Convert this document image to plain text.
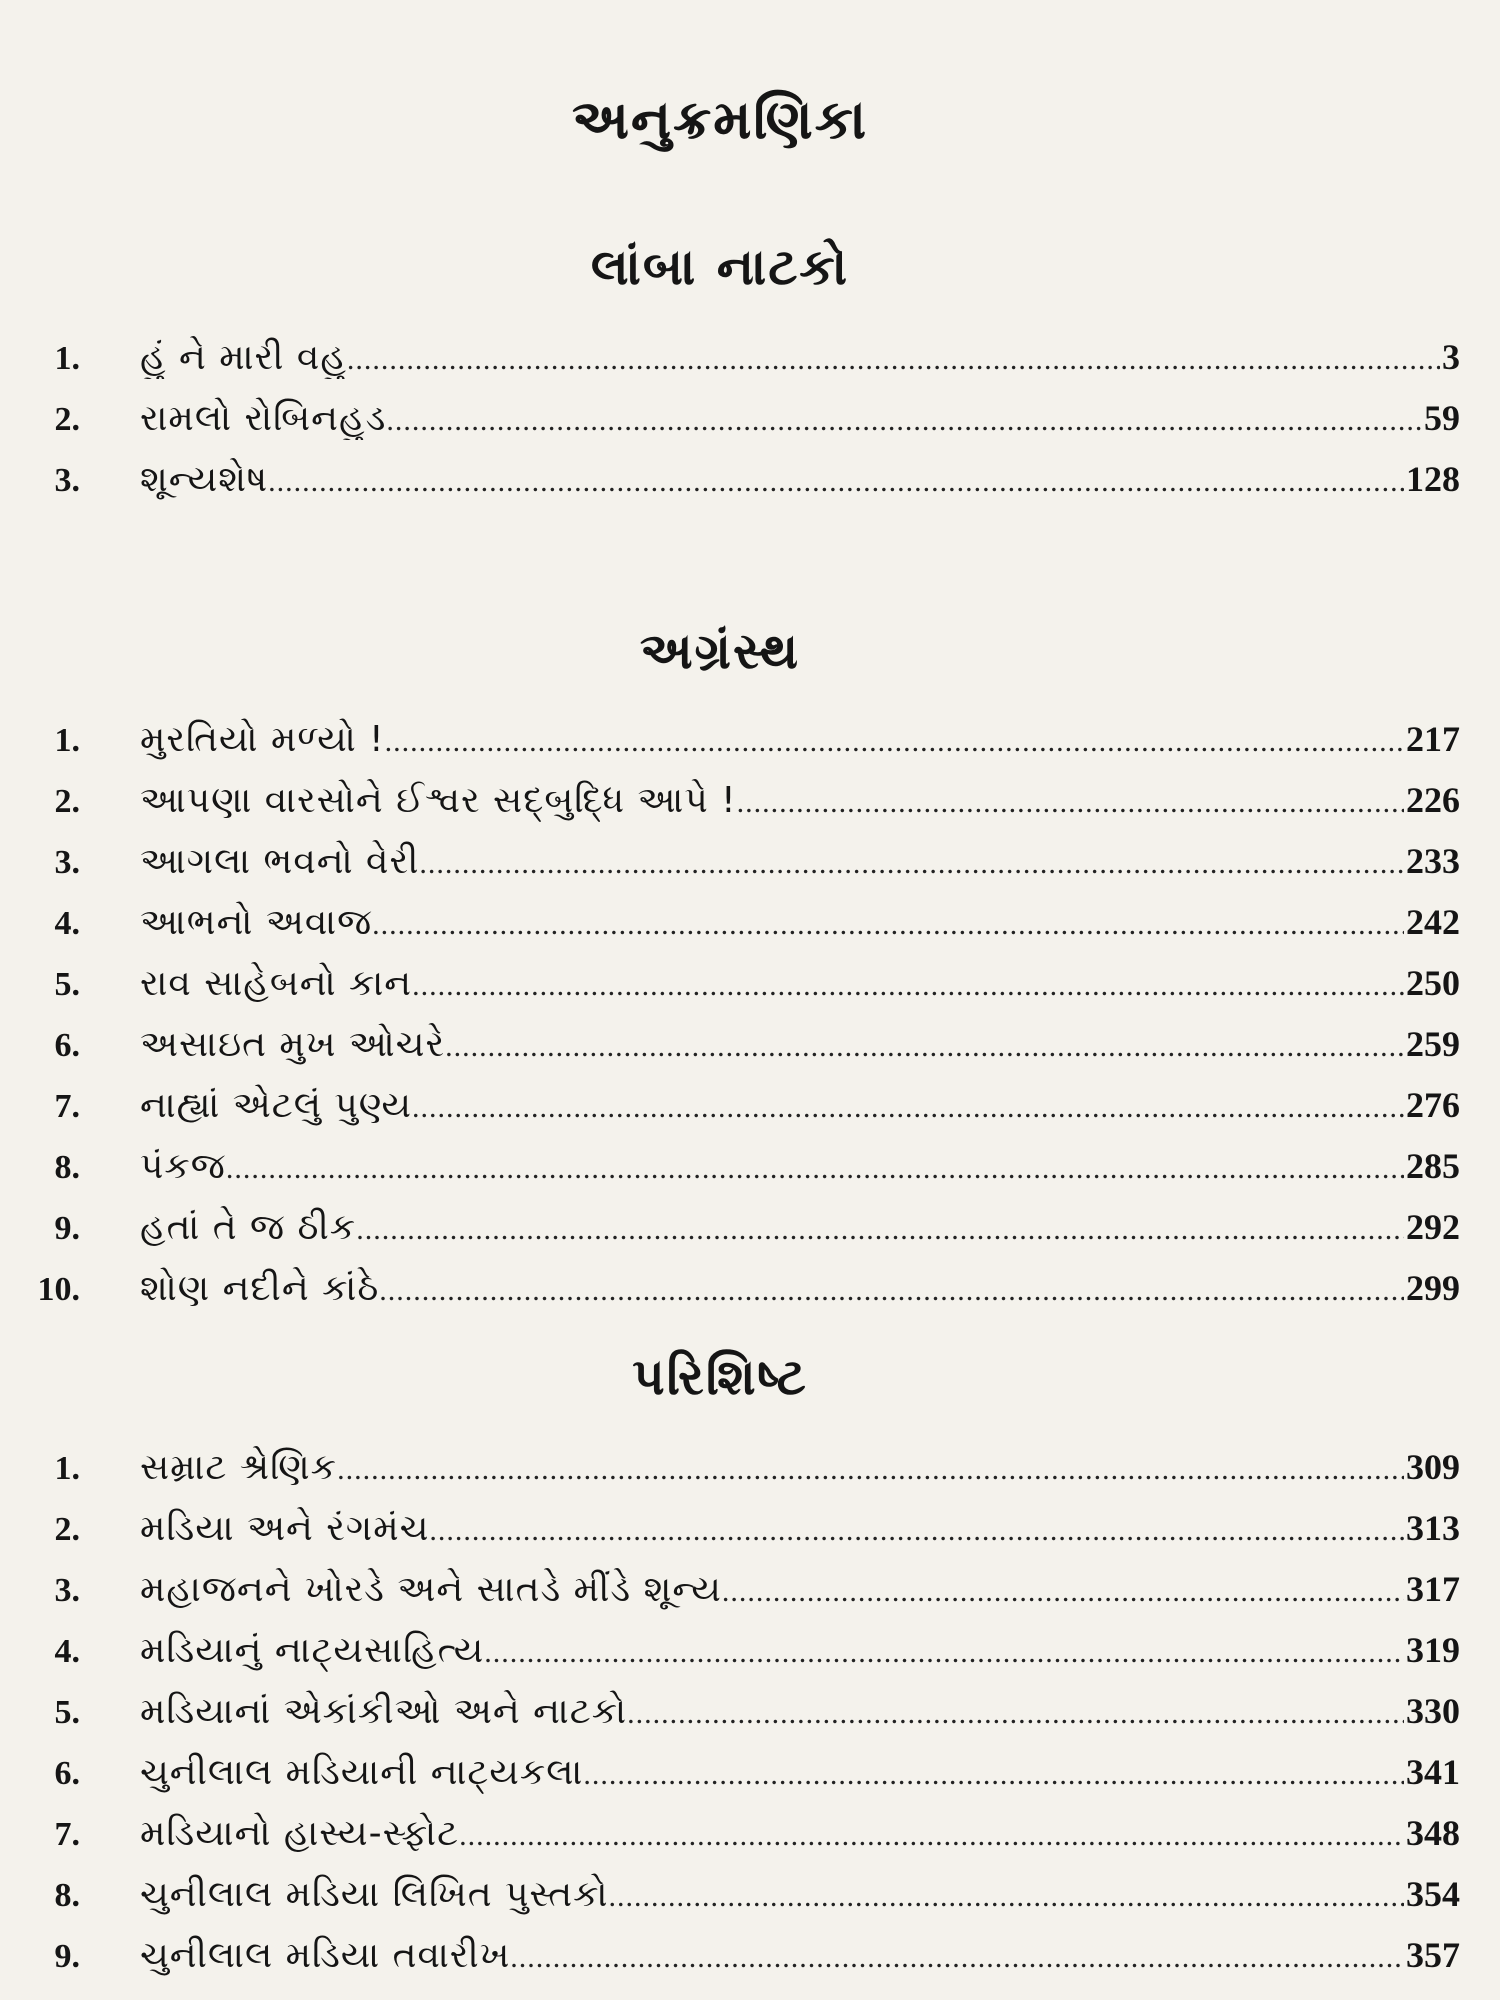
અનુક્રમણિકા
લાંબા નાટકો
1. હું ને મારી વહુ .....	3
2. રામલો રોબિનહુડ .....	59
3. શૂન્યશેષ .....	128
અગ્રંસ્થ
1. મુરતિયો મળ્યો ! .....	217
2. આપણા વારસોને ઈશ્વર સદ્‌બુદ્ધિ આપે ! .....	226
3. આગલા ભવનો વેરી .....	233
4. આભનો અવાજ .....	242
5. રાવ સાહેબનો કાન .....	250
6. અસાઇત મુખ ઓચરે .....	259
7. નાહ્યાં એટલું પુણ્ય .....	276
8. પંકજ .....	285
9. હતાં તે જ ઠીક .....	292
10. શોણ નદીને કાંઠે .....	299
પરિશિષ્ટ
1. સમ્રાટ શ્રેણિક .....	309
2. મડિયા અને રંગમંચ .....	313
3. મહાજનને ખોરડે અને સાતડે મીંડે શૂન્ય .....	317
4. મડિયાનું નાટ્યસાહિત્ય .....	319
5. મડિયાનાં એકાંકીઓ અને નાટકો .....	330
6. ચુનીલાલ મડિયાની નાટ્યકલા .....	341
7. મડિયાનો હાસ્ય-સ્ફોટ .....	348
8. ચુનીલાલ મડિયા લિખિત પુસ્તકો .....	354
9. ચુનીલાલ મડિયા તવારીખ .....	357
